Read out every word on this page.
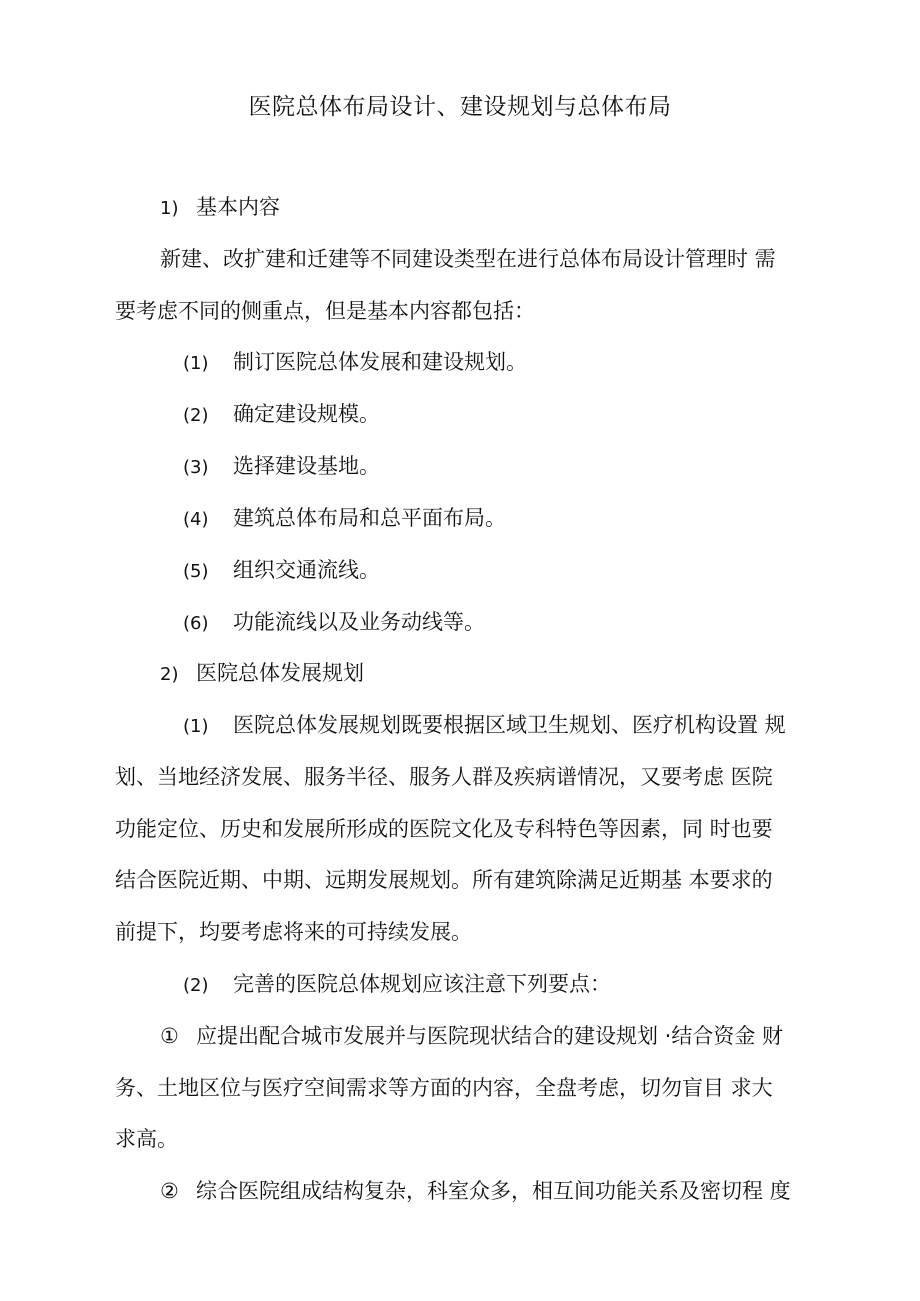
医院总体布局设计、建设规划与总体布局
1) 基本内容
新建、改扩建和迁建等不同建设类型在进行总体布局设计管理时 需
要考虑不同的侧重点，但是基本内容都包括：
(1) 制订医院总体发展和建设规划。
(2) 确定建设规模。
(3) 选择建设基地。
(4) 建筑总体布局和总平面布局。
(5) 组织交通流线。
(6) 功能流线以及业务动线等。
2) 医院总体发展规划
(1) 医院总体发展规划既要根据区域卫生规划、医疗机构设置 规
划、当地经济发展、服务半径、服务人群及疾病谱情况，又要考虑 医院
功能定位、历史和发展所形成的医院文化及专科特色等因素，同 时也要
结合医院近期、中期、远期发展规划。所有建筑除满足近期基 本要求的
前提下，均要考虑将来的可持续发展。
(2) 完善的医院总体规划应该注意下列要点：
① 应提出配合城市发展并与医院现状结合的建设规划 ·结合资金 财
务、土地区位与医疗空间需求等方面的内容，全盘考虑，切勿盲目 求大
求高。
② 综合医院组成结构复杂，科室众多，相互间功能关系及密切程 度
